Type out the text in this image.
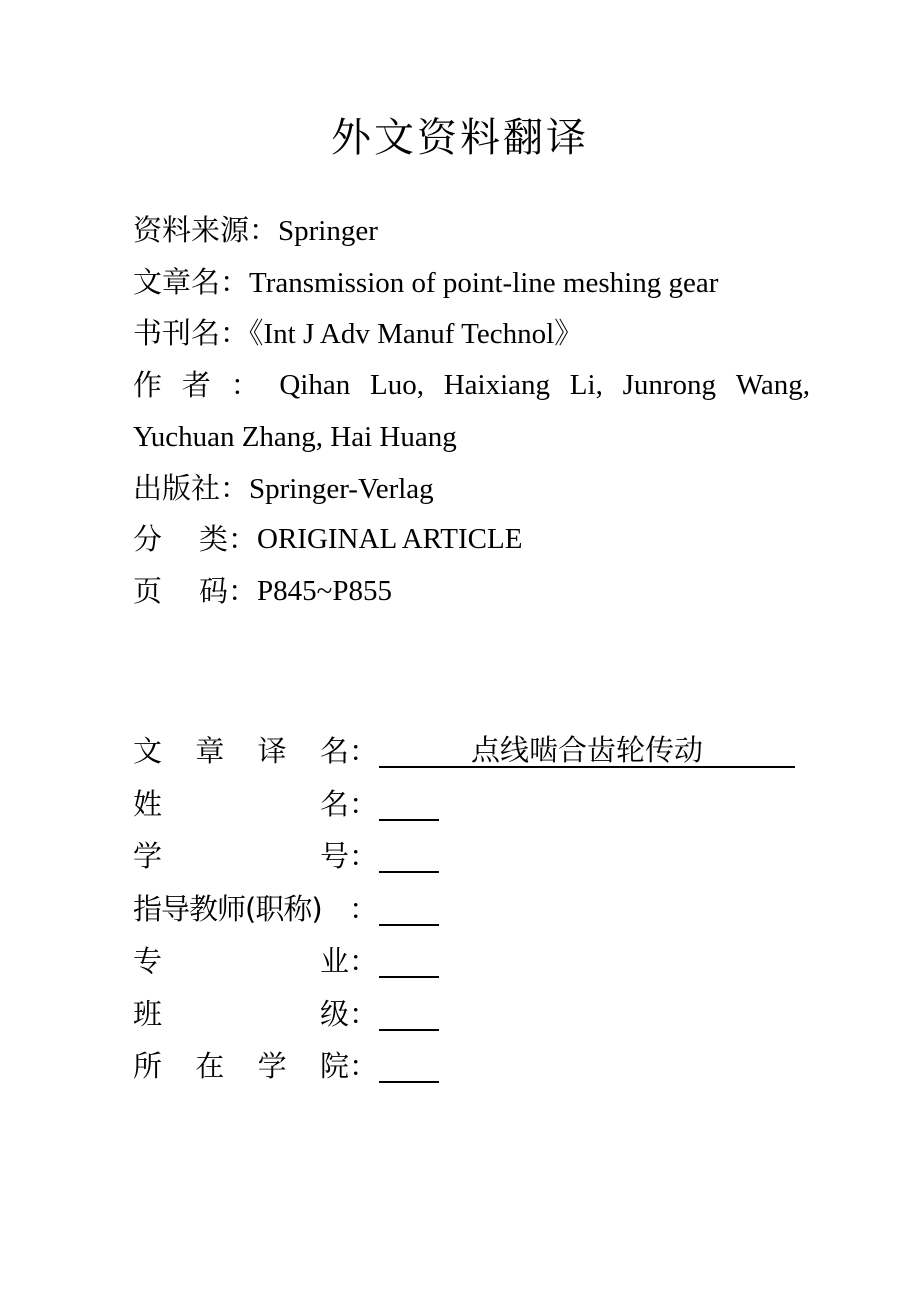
外文资料翻译
资料来源：Springer
文章名：Transmission of point-line meshing gear
书刊名：《Int J Adv Manuf Technol》
作 者 ： Qihan Luo, Haixiang Li, Junrong Wang,
Yuchuan Zhang, Hai Huang
出版社：Springer-Verlag
分 类 ： ORIGINAL ARTICLE
页 码 ： P845~P855
文 章 译 名 ：	点线啮合齿轮传动
姓	名 ：
学	号 ：
指导教师(职称) ：
专	业 ：
班	级 ：
所 在 学 院 ：
